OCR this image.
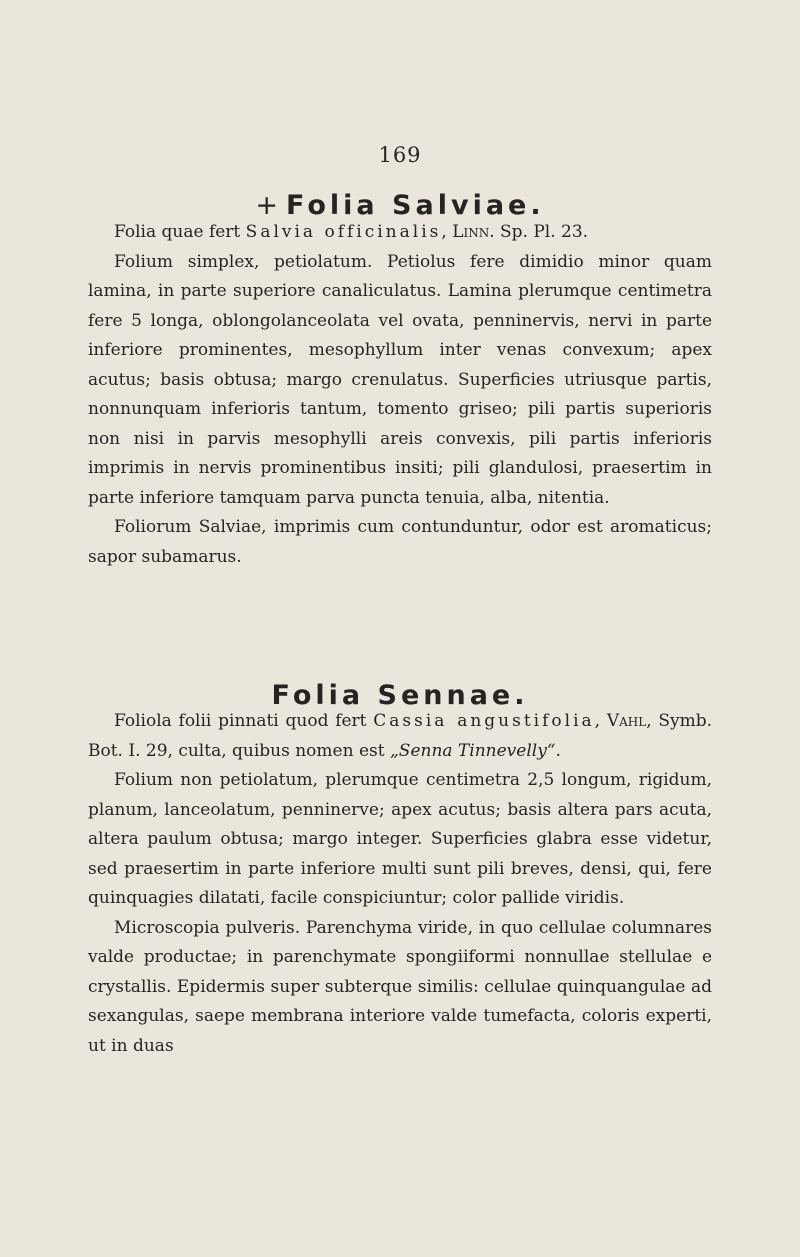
169
+ Folia Salviae.

Folia quae fert Salvia officinalis, Linn. Sp. Pl. 23.

Folium simplex, petiolatum. Petiolus fere dimidio minor quam lamina, in parte superiore canaliculatus. Lamina plerumque centimetra fere 5 longa, oblongolanceolata vel ovata, penninervis, nervi in parte inferiore prominentes, mesophyllum inter venas convexum; apex acutus; basis obtusa; margo crenulatus. Superficies utriusque partis, nonnunquam inferioris tantum, tomento griseo; pili partis superioris non nisi in parvis mesophylli areis convexis, pili partis inferioris imprimis in nervis prominentibus insiti; pili glandulosi, praesertim in parte inferiore tamquam parva puncta tenuia, alba, nitentia.

Foliorum Salviae, imprimis cum contunduntur, odor est aromaticus; sapor subamarus.

Folia Sennae.

Foliola folii pinnati quod fert Cassia angustifolia, Vahl, Symb. Bot. I. 29, culta, quibus nomen est „Senna Tinnevelly“.

Folium non petiolatum, plerumque centimetra 2,5 longum, rigidum, planum, lanceolatum, penninerve; apex acutus; basis altera pars acuta, altera paulum obtusa; margo integer. Superficies glabra esse videtur, sed praesertim in parte inferiore multi sunt pili breves, densi, qui, fere quinquagies dilatati, facile conspiciuntur; color pallide viridis.

Microscopia pulveris. Parenchyma viride, in quo cellulae columnares valde productae; in parenchymate spongiiformi nonnullae stellulae e crystallis. Epidermis super subterque similis: cellulae quinquangulae ad sexangulas, saepe membrana interiore valde tumefacta, coloris experti, ut in duas
